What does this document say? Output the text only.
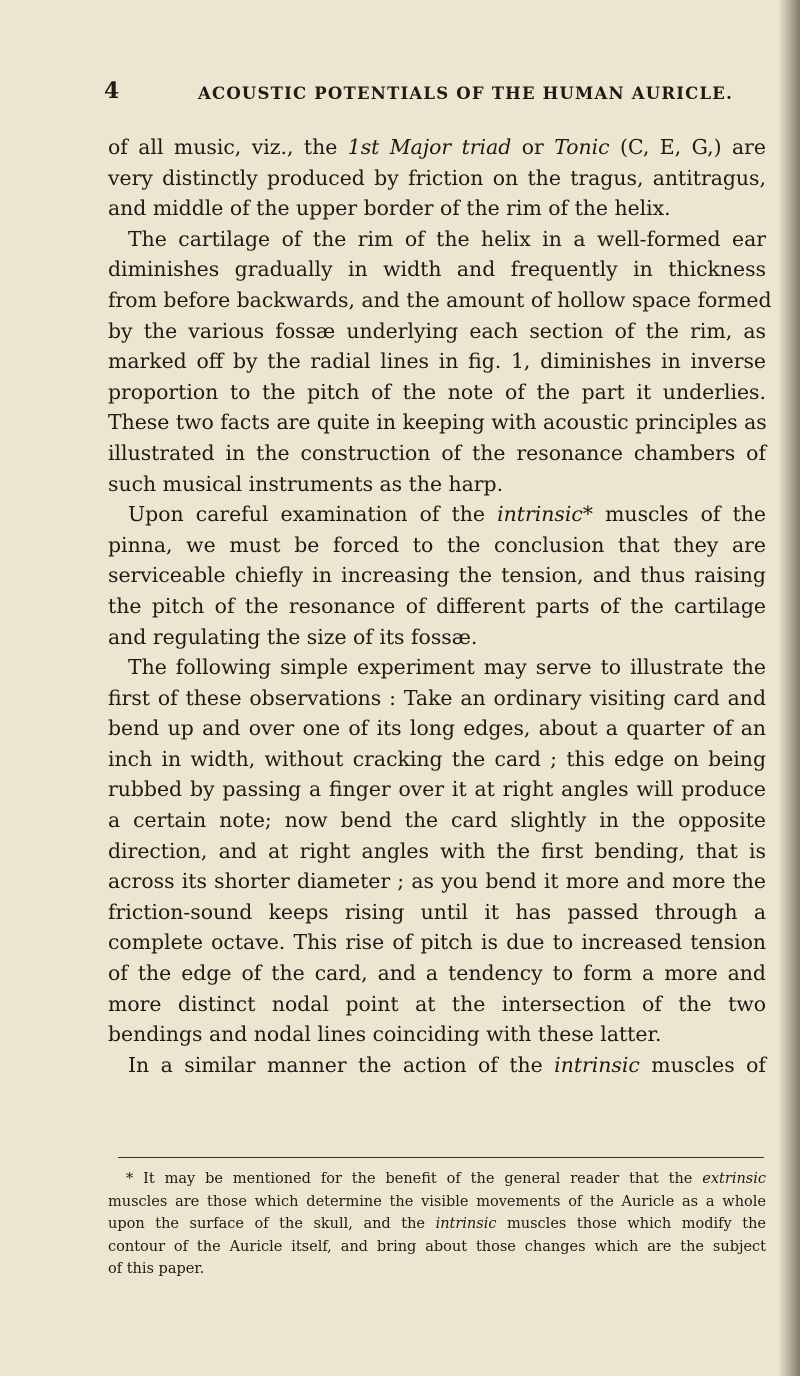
4	ACOUSTIC POTENTIALS OF THE HUMAN AURICLE.
of all music, viz., the 1st Major triad or Tonic (C, E, G,) are
very distinctly produced by friction on the tragus, antitragus,
and middle of the upper border of the rim of the helix.
The cartilage of the rim of the helix in a well-formed ear
diminishes gradually in width and frequently in thickness
from before backwards, and the amount of hollow space formed
by the various fossæ underlying each section of the rim, as
marked off by the radial lines in fig. 1, diminishes in inverse
proportion to the pitch of the note of the part it underlies.
These two facts are quite in keeping with acoustic principles as
illustrated in the construction of the resonance chambers of
such musical instruments as the harp.
Upon careful examination of the intrinsic* muscles of the
pinna, we must be forced to the conclusion that they are
serviceable chiefly in increasing the tension, and thus raising
the pitch of the resonance of different parts of the cartilage
and regulating the size of its fossæ.
The following simple experiment may serve to illustrate the
first of these observations : Take an ordinary visiting card and
bend up and over one of its long edges, about a quarter of an
inch in width, without cracking the card ; this edge on being
rubbed by passing a finger over it at right angles will produce
a certain note; now bend the card slightly in the opposite
direction, and at right angles with the first bending, that is
across its shorter diameter ; as you bend it more and more the
friction-sound keeps rising until it has passed through a
complete octave. This rise of pitch is due to increased tension
of the edge of the card, and a tendency to form a more and
more distinct nodal point at the intersection of the two
bendings and nodal lines coinciding with these latter.
In a similar manner the action of the intrinsic muscles of
* It may be mentioned for the benefit of the general reader that the extrinsic
muscles are those which determine the visible movements of the Auricle as a whole
upon the surface of the skull, and the intrinsic muscles those which modify the
contour of the Auricle itself, and bring about those changes which are the subject
of this paper.
